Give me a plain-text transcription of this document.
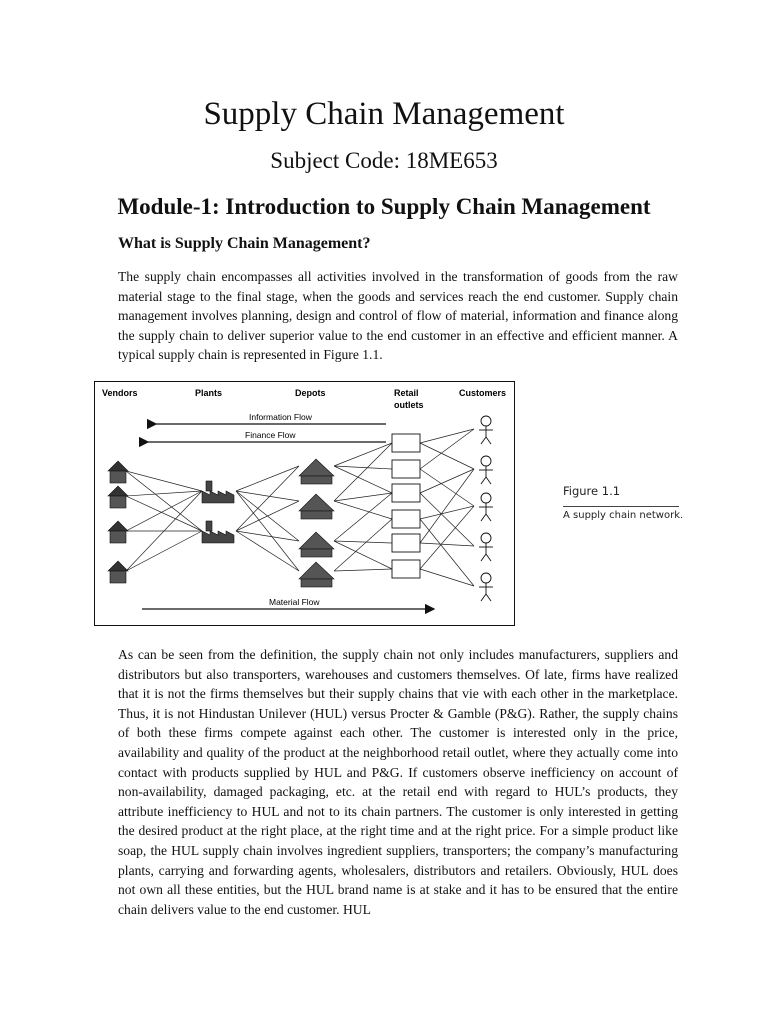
Supply Chain Management
Subject Code: 18ME653
Module-1: Introduction to Supply Chain Management
What is Supply Chain Management?
The supply chain encompasses all activities involved in the transformation of goods from the raw material stage to the final stage, when the goods and services reach the end customer. Supply chain management involves planning, design and control of flow of material, information and finance along the supply chain to deliver superior value to the end customer in an effective and efficient manner. A typical supply chain is represented in Figure 1.1.
Vendors	Plants	Depots	Retail
outlets
Customers
Information Flow
Finance Flow
Material Flow
Figure 1.1
A supply chain network.
As can be seen from the definition, the supply chain not only includes manufacturers, suppliers and distributors but also transporters, warehouses and customers themselves. Of late, firms have realized that it is not the firms themselves but their supply chains that vie with each other in the marketplace. Thus, it is not Hindustan Unilever (HUL) versus Procter & Gamble (P&G). Rather, the supply chains of both these firms compete against each other. The customer is interested only in the price, availability and quality of the product at the neighborhood retail outlet, where they actually come into contact with products supplied by HUL and P&G. If customers observe inefficiency on account of non-availability, damaged packaging, etc. at the retail end with regard to HUL’s products, they attribute inefficiency to HUL and not to its chain partners. The customer is only interested in getting the desired product at the right place, at the right time and at the right price. For a simple product like soap, the HUL supply chain involves ingredient suppliers, transporters; the company’s manufacturing plants, carrying and forwarding agents, wholesalers, distributors and retailers. Obviously, HUL does not own all these entities, but the HUL brand name is at stake and it has to be ensured that the entire chain delivers value to the end customer. HUL
